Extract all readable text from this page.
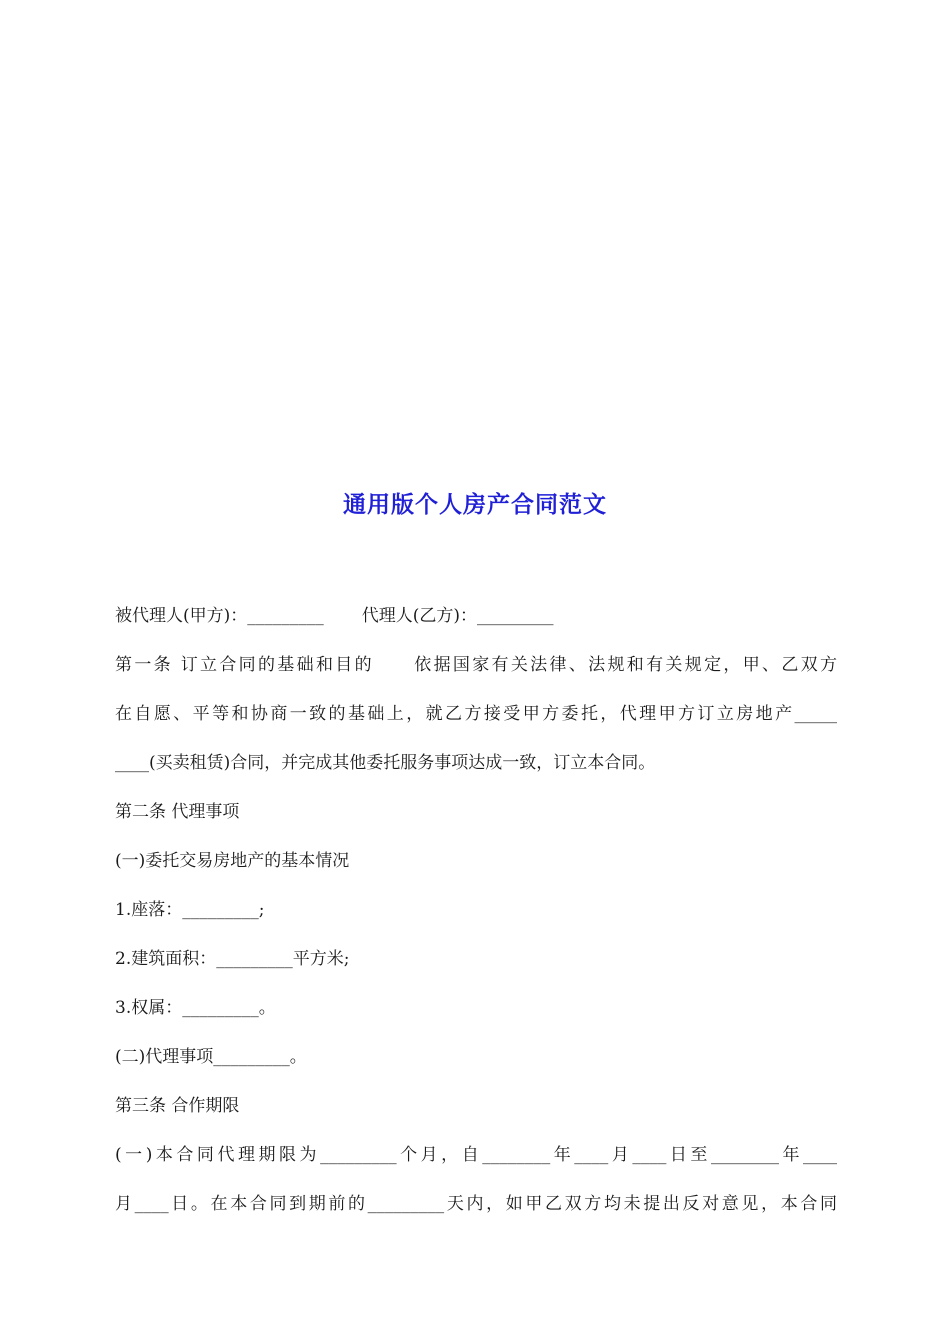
通用版个人房产合同范文
被代理人(甲方)：_________ 代理人(乙方)：_________
第一条 订立合同的基础和目的 依据国家有关法律、法规和有关规定，甲、乙双方
在自愿、平等和协商一致的基础上，就乙方接受甲方委托，代理甲方订立房地产_____
____(买卖租赁)合同，并完成其他委托服务事项达成一致，订立本合同。
第二条 代理事项
(一)委托交易房地产的基本情况
1.座落：_________;
2.建筑面积：_________平方米;
3.权属：_________。
(二)代理事项_________。
第三条 合作期限
(一)本合同代理期限为_________个月，自________年____月____日至________年____
月____日。在本合同到期前的_________天内，如甲乙双方均未提出反对意见，本合同
